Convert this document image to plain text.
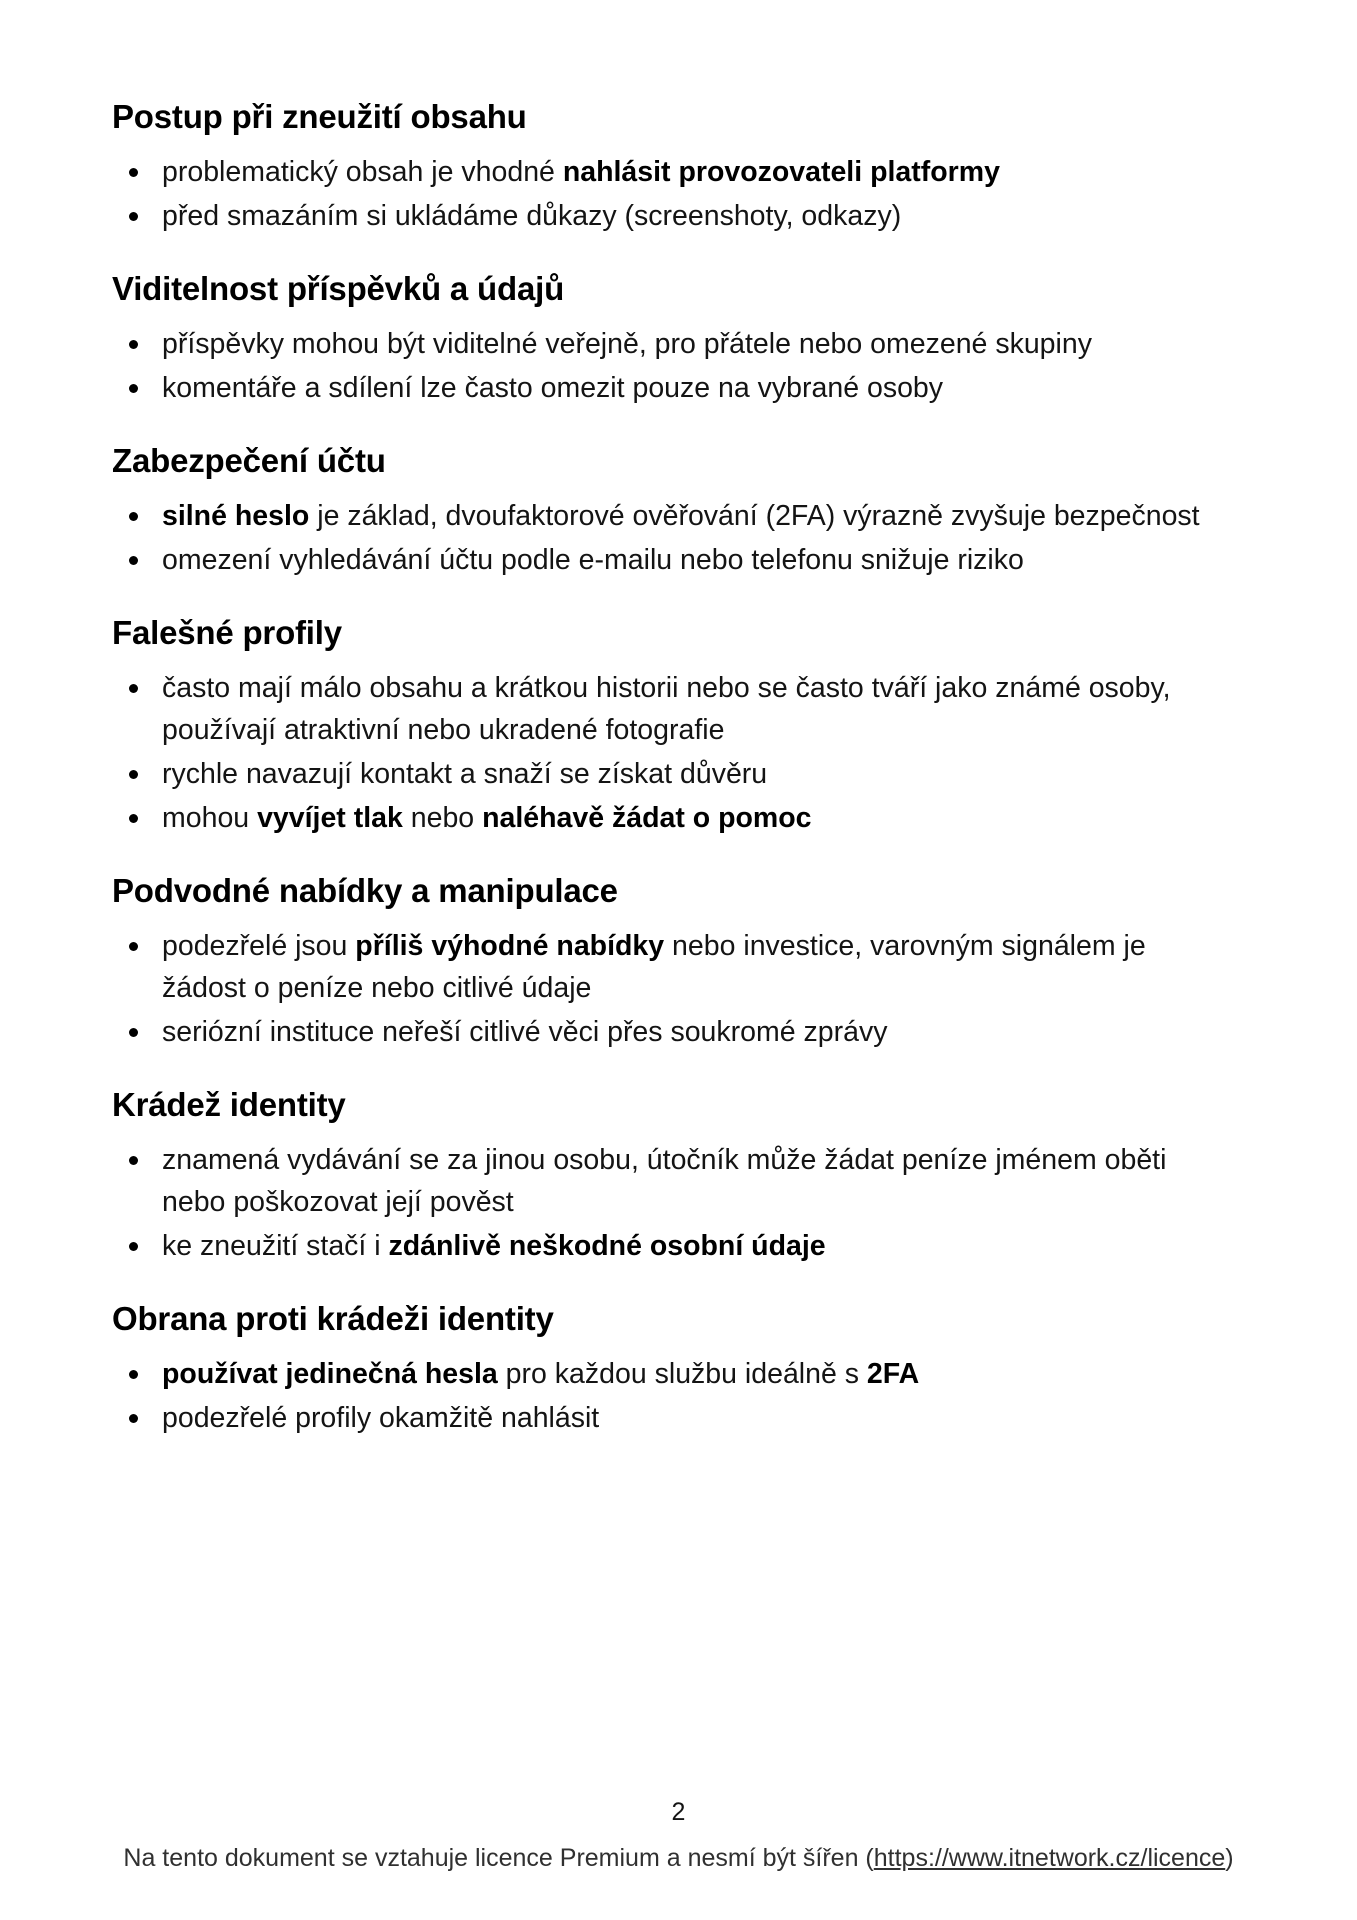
Postup při zneužití obsahu
problematický obsah je vhodné nahlásit provozovateli platformy
před smazáním si ukládáme důkazy (screenshoty, odkazy)
Viditelnost příspěvků a údajů
příspěvky mohou být viditelné veřejně, pro přátele nebo omezené skupiny
komentáře a sdílení lze často omezit pouze na vybrané osoby
Zabezpečení účtu
silné heslo je základ, dvoufaktorové ověřování (2FA) výrazně zvyšuje bezpečnost
omezení vyhledávání účtu podle e-mailu nebo telefonu snižuje riziko
Falešné profily
často mají málo obsahu a krátkou historii nebo se často tváří jako známé osoby, používají atraktivní nebo ukradené fotografie
rychle navazují kontakt a snaží se získat důvěru
mohou vyvíjet tlak nebo naléhavě žádat o pomoc
Podvodné nabídky a manipulace
podezřelé jsou příliš výhodné nabídky nebo investice, varovným signálem je žádost o peníze nebo citlivé údaje
seriózní instituce neřeší citlivé věci přes soukromé zprávy
Krádež identity
znamená vydávání se za jinou osobu, útočník může žádat peníze jménem oběti nebo poškozovat její pověst
ke zneužití stačí i zdánlivě neškodné osobní údaje
Obrana proti krádeži identity
používat jedinečná hesla pro každou službu ideálně s 2FA
podezřelé profily okamžitě nahlásit
2
Na tento dokument se vztahuje licence Premium a nesmí být šířen (https://www.itnetwork.cz/licence)
